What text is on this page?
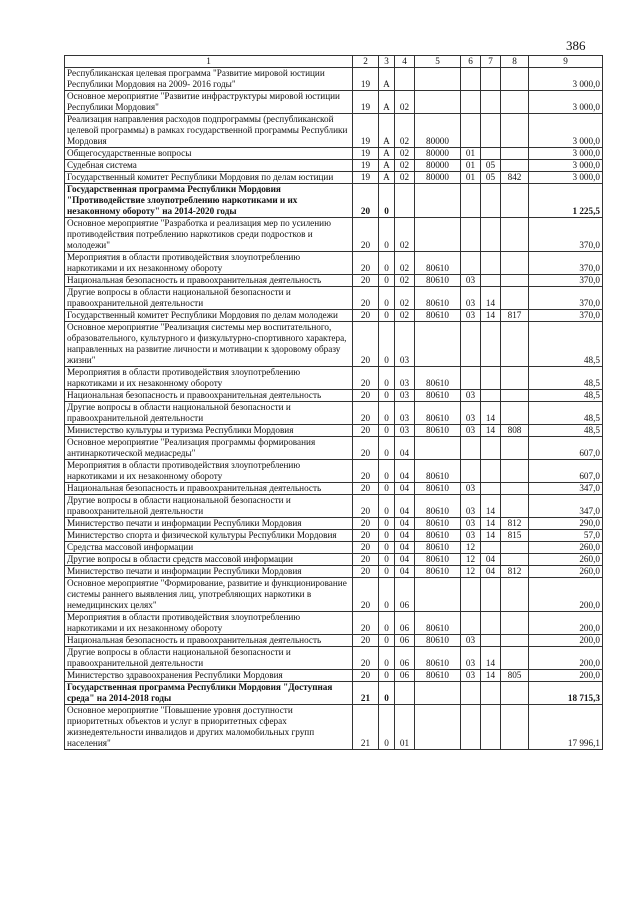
386
1	2	3	4	5	6	7	8	9
Республиканская целевая программа "Развитие мировой юстиции Республики Мордовия на 2009- 2016 годы"	19	А						3 000,0
Основное мероприятие "Развитие инфраструктуры мировой юстиции Республики Мордовия"	19	А	02					3 000,0
Реализация направления расходов подпрограммы (республиканской целевой программы) в рамках государственной программы Республики Мордовия	19	А	02	80000				3 000,0
Общегосударственные вопросы	19	А	02	80000	01			3 000,0
Судебная система	19	А	02	80000	01	05		3 000,0
Государственный комитет Республики Мордовия по делам юстиции	19	А	02	80000	01	05	842	3 000,0
Государственная программа Республики Мордовия "Противодействие злоупотреблению наркотиками и их незаконному обороту" на 2014-2020 годы	20	0						1 225,5
Основное мероприятие "Разработка и реализация мер по усилению противодействия потреблению наркотиков среди подростков и молодежи"	20	0	02					370,0
Мероприятия в области противодействия злоупотреблению наркотиками и их незаконному обороту	20	0	02	80610				370,0
Национальная безопасность и правоохранительная деятельность	20	0	02	80610	03			370,0
Другие вопросы в области национальной безопасности и правоохранительной деятельности	20	0	02	80610	03	14		370,0
Государственный комитет Республики Мордовия по делам молодежи	20	0	02	80610	03	14	817	370,0
Основное мероприятие "Реализация системы мер воспитательного, образовательного, культурного и физкультурно-спортивного характера, направленных на развитие личности и мотивации к здоровому образу жизни"	20	0	03					48,5
Мероприятия в области противодействия злоупотреблению наркотиками и их незаконному обороту	20	0	03	80610				48,5
Национальная безопасность и правоохранительная деятельность	20	0	03	80610	03			48,5
Другие вопросы в области национальной безопасности и правоохранительной деятельности	20	0	03	80610	03	14		48,5
Министерство культуры и туризма Республики Мордовия	20	0	03	80610	03	14	808	48,5
Основное мероприятие "Реализация программы формирования антинаркотической медиасреды"	20	0	04					607,0
Мероприятия в области противодействия злоупотреблению наркотиками и их незаконному обороту	20	0	04	80610				607,0
Национальная безопасность и правоохранительная деятельность	20	0	04	80610	03			347,0
Другие вопросы в области национальной безопасности и правоохранительной деятельности	20	0	04	80610	03	14		347,0
Министерство печати и информации Республики Мордовия	20	0	04	80610	03	14	812	290,0
Министерство спорта и физической культуры Республики Мордовия	20	0	04	80610	03	14	815	57,0
Средства массовой информации	20	0	04	80610	12			260,0
Другие вопросы в области средств массовой информации	20	0	04	80610	12	04		260,0
Министерство печати и информации Республики Мордовия	20	0	04	80610	12	04	812	260,0
Основное мероприятие "Формирование, развитие и функционирование системы раннего выявления лиц, употребляющих наркотики в немедицинских целях"	20	0	06					200,0
Мероприятия в области противодействия злоупотреблению наркотиками и их незаконному обороту	20	0	06	80610				200,0
Национальная безопасность и правоохранительная деятельность	20	0	06	80610	03			200,0
Другие вопросы в области национальной безопасности и правоохранительной деятельности	20	0	06	80610	03	14		200,0
Министерство здравоохранения Республики Мордовия	20	0	06	80610	03	14	805	200,0
Государственная программа Республики Мордовия "Доступная среда" на 2014-2018 годы	21	0						18 715,3
Основное мероприятие "Повышение уровня доступности приоритетных объектов и услуг в приоритетных сферах жизнедеятельности инвалидов и других маломобильных групп населения"	21	0	01					17 996,1
